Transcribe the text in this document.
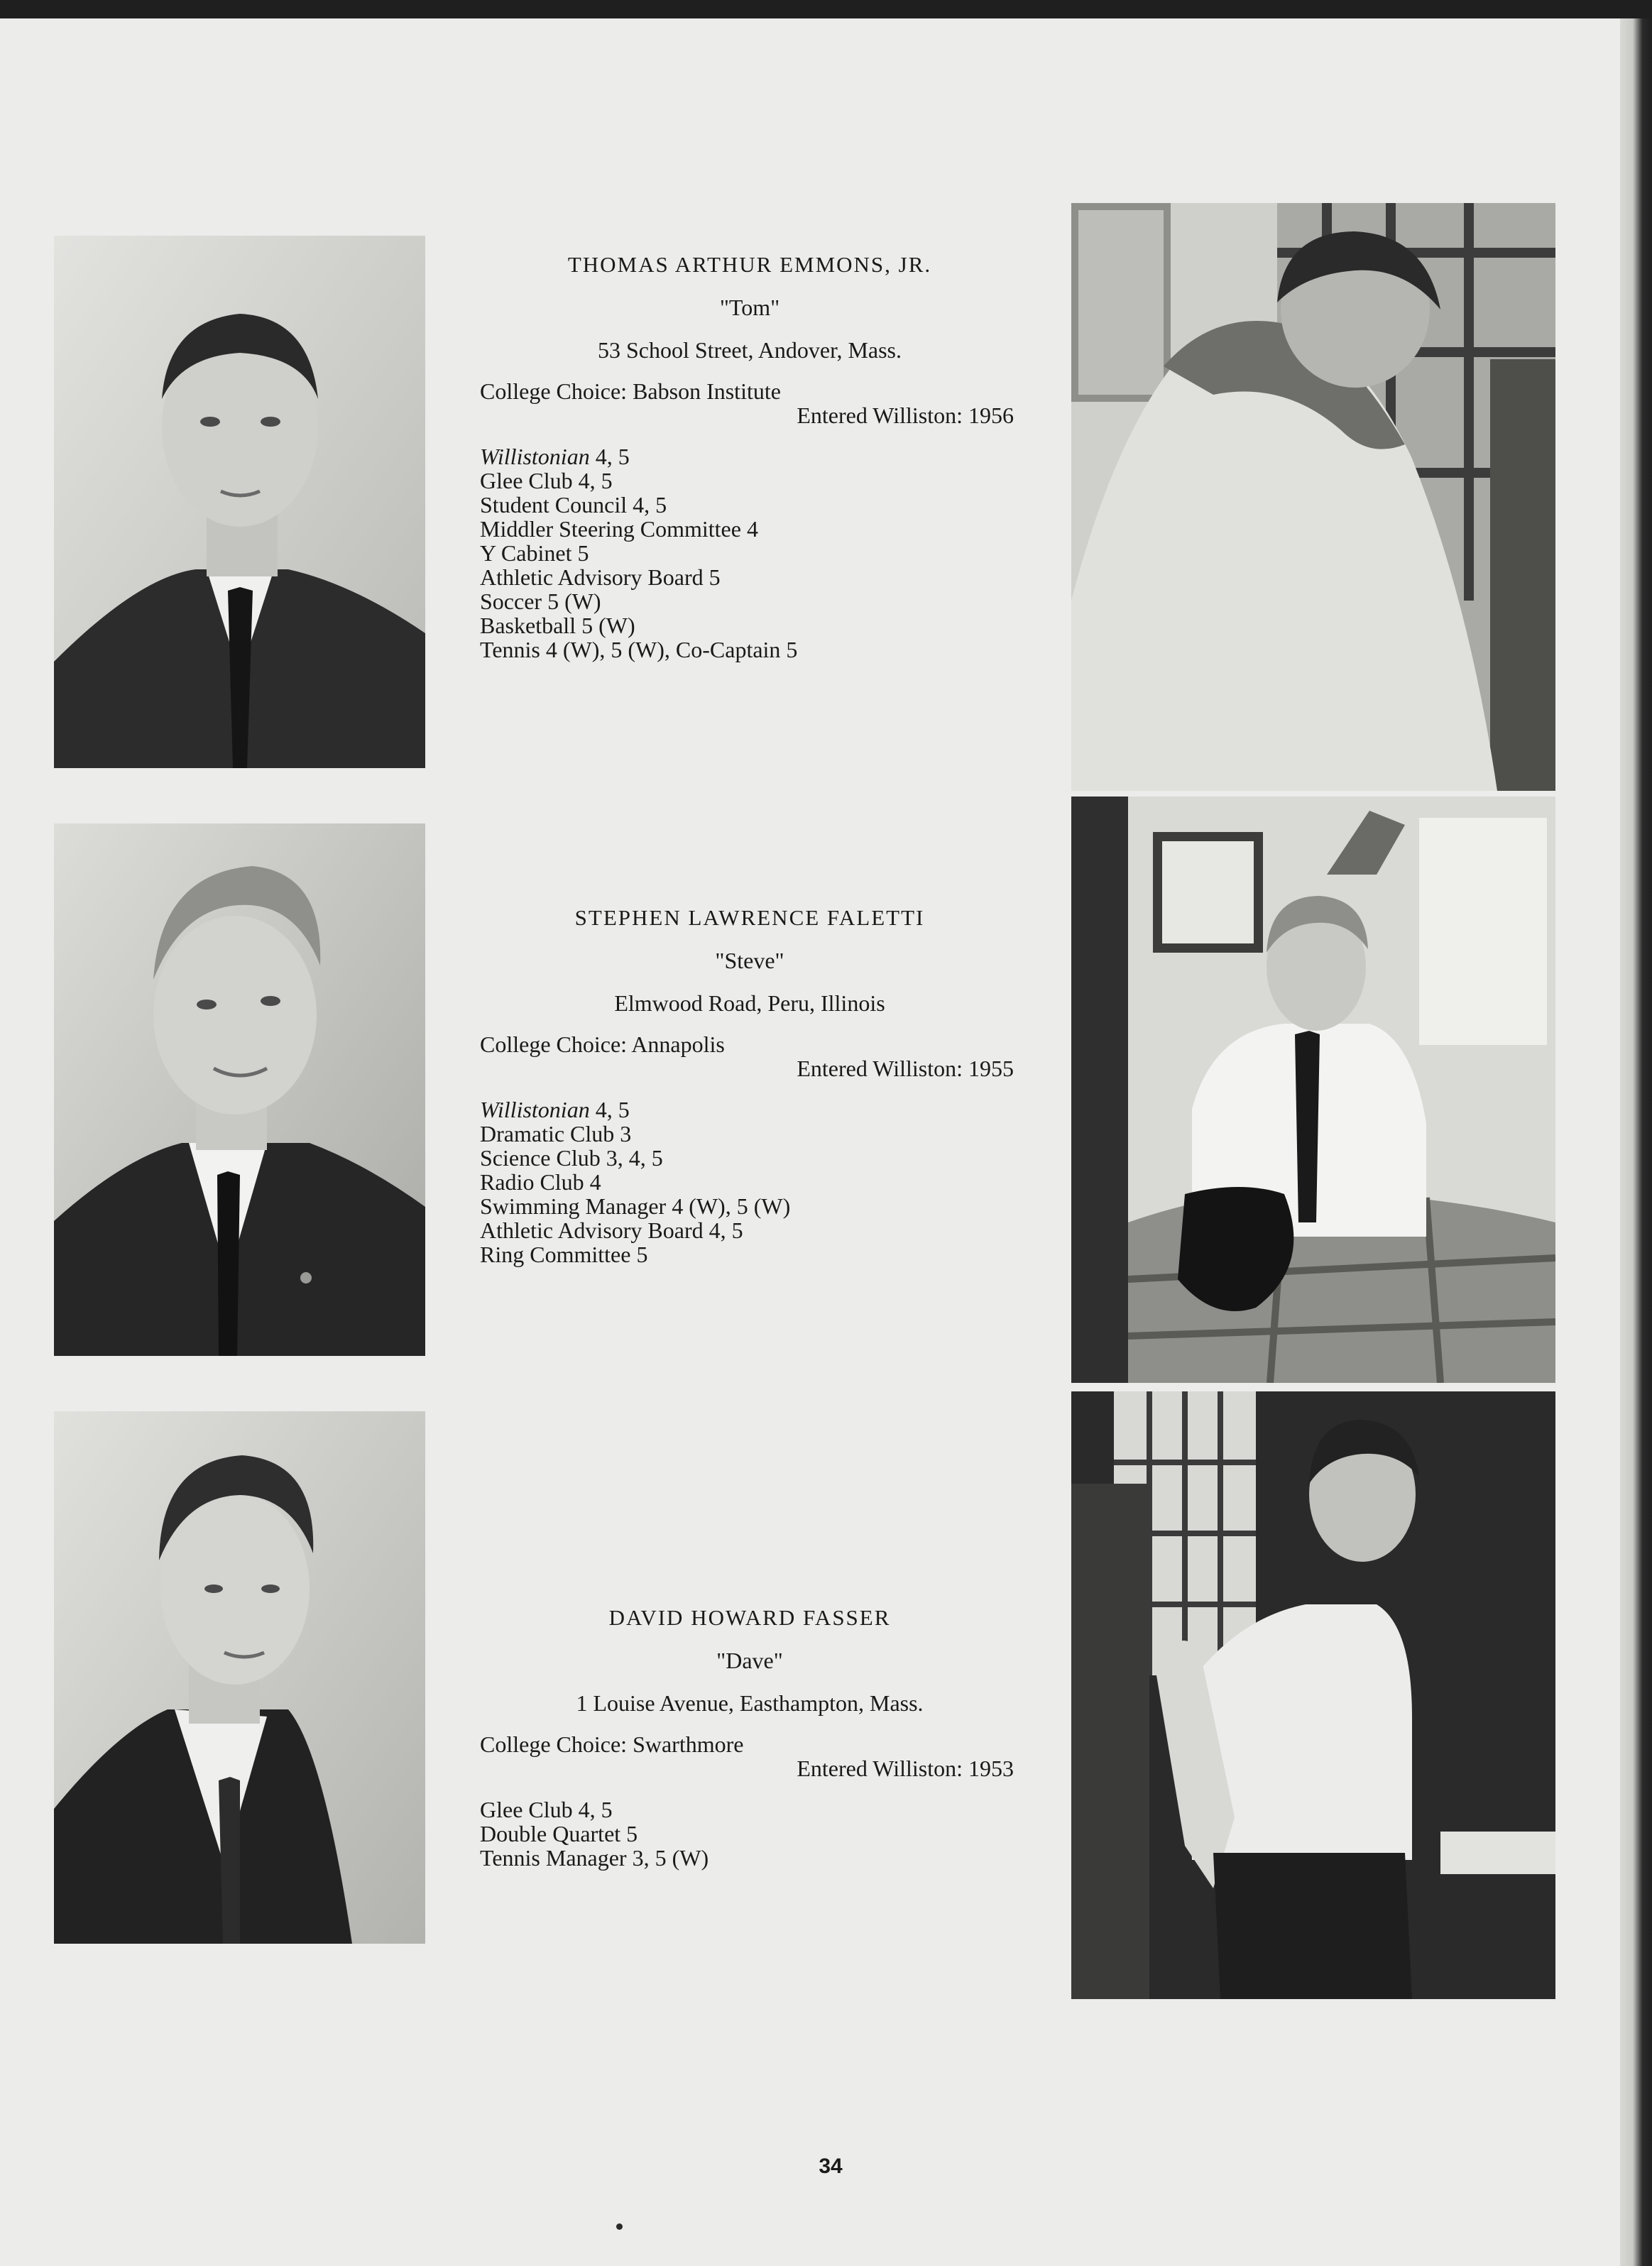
THOMAS ARTHUR EMMONS, JR.
"Tom"
53 School Street, Andover, Mass.
College Choice: Babson Institute
Entered Williston: 1956
Willistonian 4, 5
Glee Club 4, 5
Student Council 4, 5
Middler Steering Committee 4
Y Cabinet 5
Athletic Advisory Board 5
Soccer 5 (W)
Basketball 5 (W)
Tennis 4 (W), 5 (W), Co-Captain 5
STEPHEN LAWRENCE FALETTI
"Steve"
Elmwood Road, Peru, Illinois
College Choice: Annapolis
Entered Williston: 1955
Willistonian 4, 5
Dramatic Club 3
Science Club 3, 4, 5
Radio Club 4
Swimming Manager 4 (W), 5 (W)
Athletic Advisory Board 4, 5
Ring Committee 5
DAVID HOWARD FASSER
"Dave"
1 Louise Avenue, Easthampton, Mass.
College Choice: Swarthmore
Entered Williston: 1953
Glee Club 4, 5
Double Quartet 5
Tennis Manager 3, 5 (W)
34
